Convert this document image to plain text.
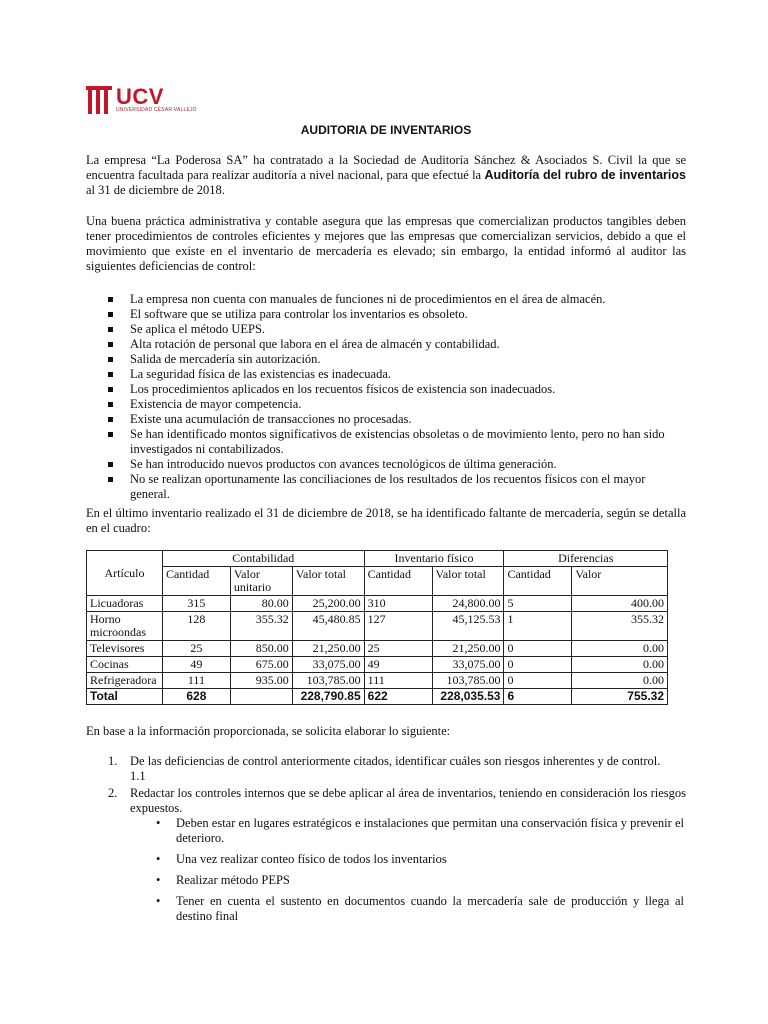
UCV
UNIVERSIDAD CÉSAR VALLEJO
AUDITORIA DE INVENTARIOS
La empresa “La Poderosa SA” ha contratado a la Sociedad de Auditoría Sánchez & Asociados S. Civil la que se encuentra facultada para realizar auditoría a nivel nacional, para que efectué la Auditoría del rubro de inventarios al 31 de diciembre de 2018.
Una buena práctica administrativa y contable asegura que las empresas que comercializan productos tangibles deben tener procedimientos de controles eficientes y mejores que las empresas que comercializan servicios, debido a que el movimiento que existe en el inventario de mercadería es elevado; sin embargo, la entidad informó al auditor las siguientes deficiencias de control:
La empresa non cuenta con manuales de funciones ni de procedimientos en el área de almacén.
El software que se utiliza para controlar los inventarios es obsoleto.
Se aplica el método UEPS.
Alta rotación de personal que labora en el área de almacén y contabilidad.
Salida de mercadería sin autorización.
La seguridad física de las existencias es inadecuada.
Los procedimientos aplicados en los recuentos físicos de existencia son inadecuados.
Existencia de mayor competencia.
Existe una acumulación de transacciones no procesadas.
Se han identificado montos significativos de existencias obsoletas o de movimiento lento, pero no han sido investigados ni contabilizados.
Se han introducido nuevos productos con avances tecnológicos de última generación.
No se realizan oportunamente las conciliaciones de los resultados de los recuentos físicos con el mayor general.
En el último inventario realizado el 31 de diciembre de 2018, se ha identificado faltante de mercadería, según se detalla en el cuadro:
Artículo	Contabilidad			Inventario físico		Diferencias	
	Cantidad	Valor unitario	Valor total	Cantidad	Valor total	Cantidad	Valor
Licuadoras	315	80.00	25,200.00	310	24,800.00	5	400.00
Horno microondas	128	355.32	45,480.85	127	45,125.53	1	355.32
Televisores	25	850.00	21,250.00	25	21,250.00	0	0.00
Cocinas	49	675.00	33,075.00	49	33,075.00	0	0.00
Refrigeradora	111	935.00	103,785.00	111	103,785.00	0	0.00
Total	628		228,790.85	622	228,035.53	6	755.32
En base a la información proporcionada, se solicita elaborar lo siguiente:
1. De las deficiencias de control anteriormente citados, identificar cuáles son riesgos inherentes y de control.
1.1
2. Redactar los controles internos que se debe aplicar al área de inventarios, teniendo en consideración los riesgos expuestos.
• Deben estar en lugares estratégicos e instalaciones que permitan una conservación física y prevenir el deterioro.
• Una vez realizar conteo físico de todos los inventarios
• Realizar método PEPS
• Tener en cuenta el sustento en documentos cuando la mercadería sale de producción y llega al destino final
